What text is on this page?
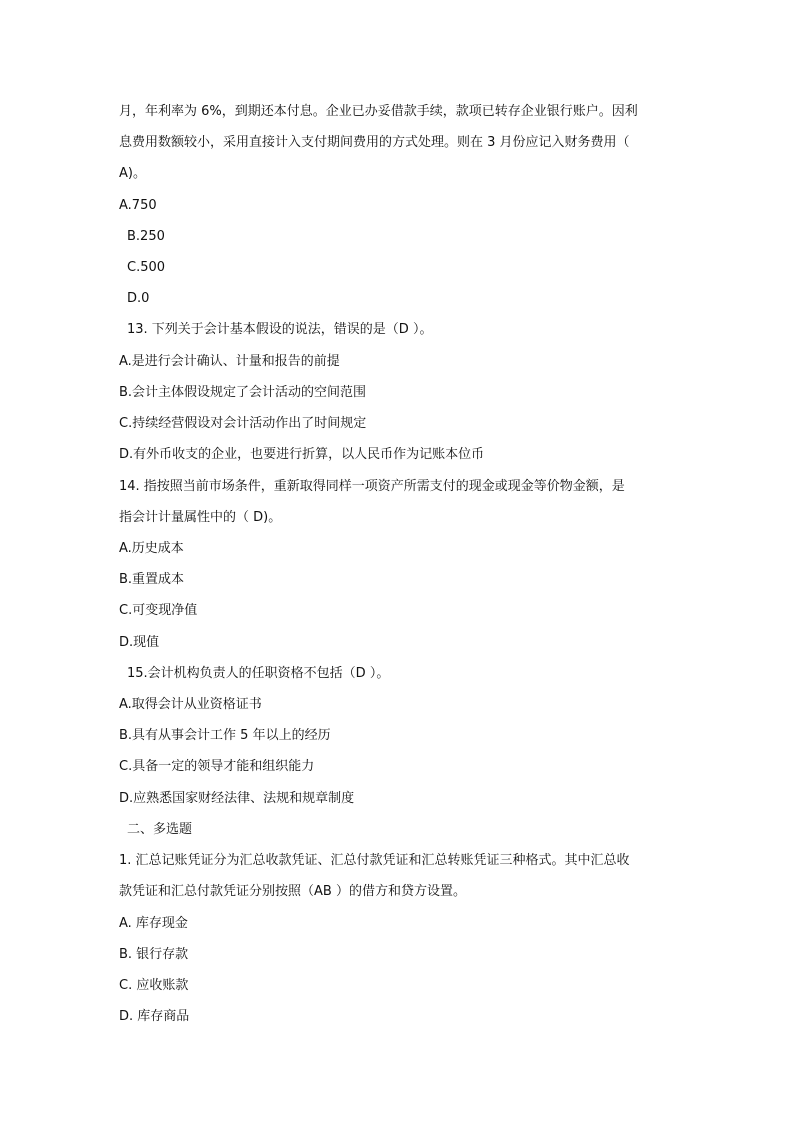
月，年利率为 6%，到期还本付息。企业已办妥借款手续，款项已转存企业银行账户。因利
息费用数额较小，采用直接计入支付期间费用的方式处理。则在 3 月份应记入财务费用（
A)。
A.750
B.250
C.500
D.0
13. 下列关于会计基本假设的说法，错误的是（D ）。
A.是进行会计确认、计量和报告的前提
B.会计主体假设规定了会计活动的空间范围
C.持续经营假设对会计活动作出了时间规定
D.有外币收支的企业，也要进行折算，以人民币作为记账本位币
14. 指按照当前市场条件，重新取得同样一项资产所需支付的现金或现金等价物金额，是
指会计计量属性中的（ D)。
A.历史成本
B.重置成本
C.可变现净值
D.现值
15.会计机构负责人的任职资格不包括（D ）。
A.取得会计从业资格证书
B.具有从事会计工作 5 年以上的经历
C.具备一定的领导才能和组织能力
D.应熟悉国家财经法律、法规和规章制度
二、多选题
1. 汇总记账凭证分为汇总收款凭证、汇总付款凭证和汇总转账凭证三种格式。其中汇总收
款凭证和汇总付款凭证分别按照（AB ）的借方和贷方设置。
A. 库存现金
B. 银行存款
C. 应收账款
D. 库存商品
